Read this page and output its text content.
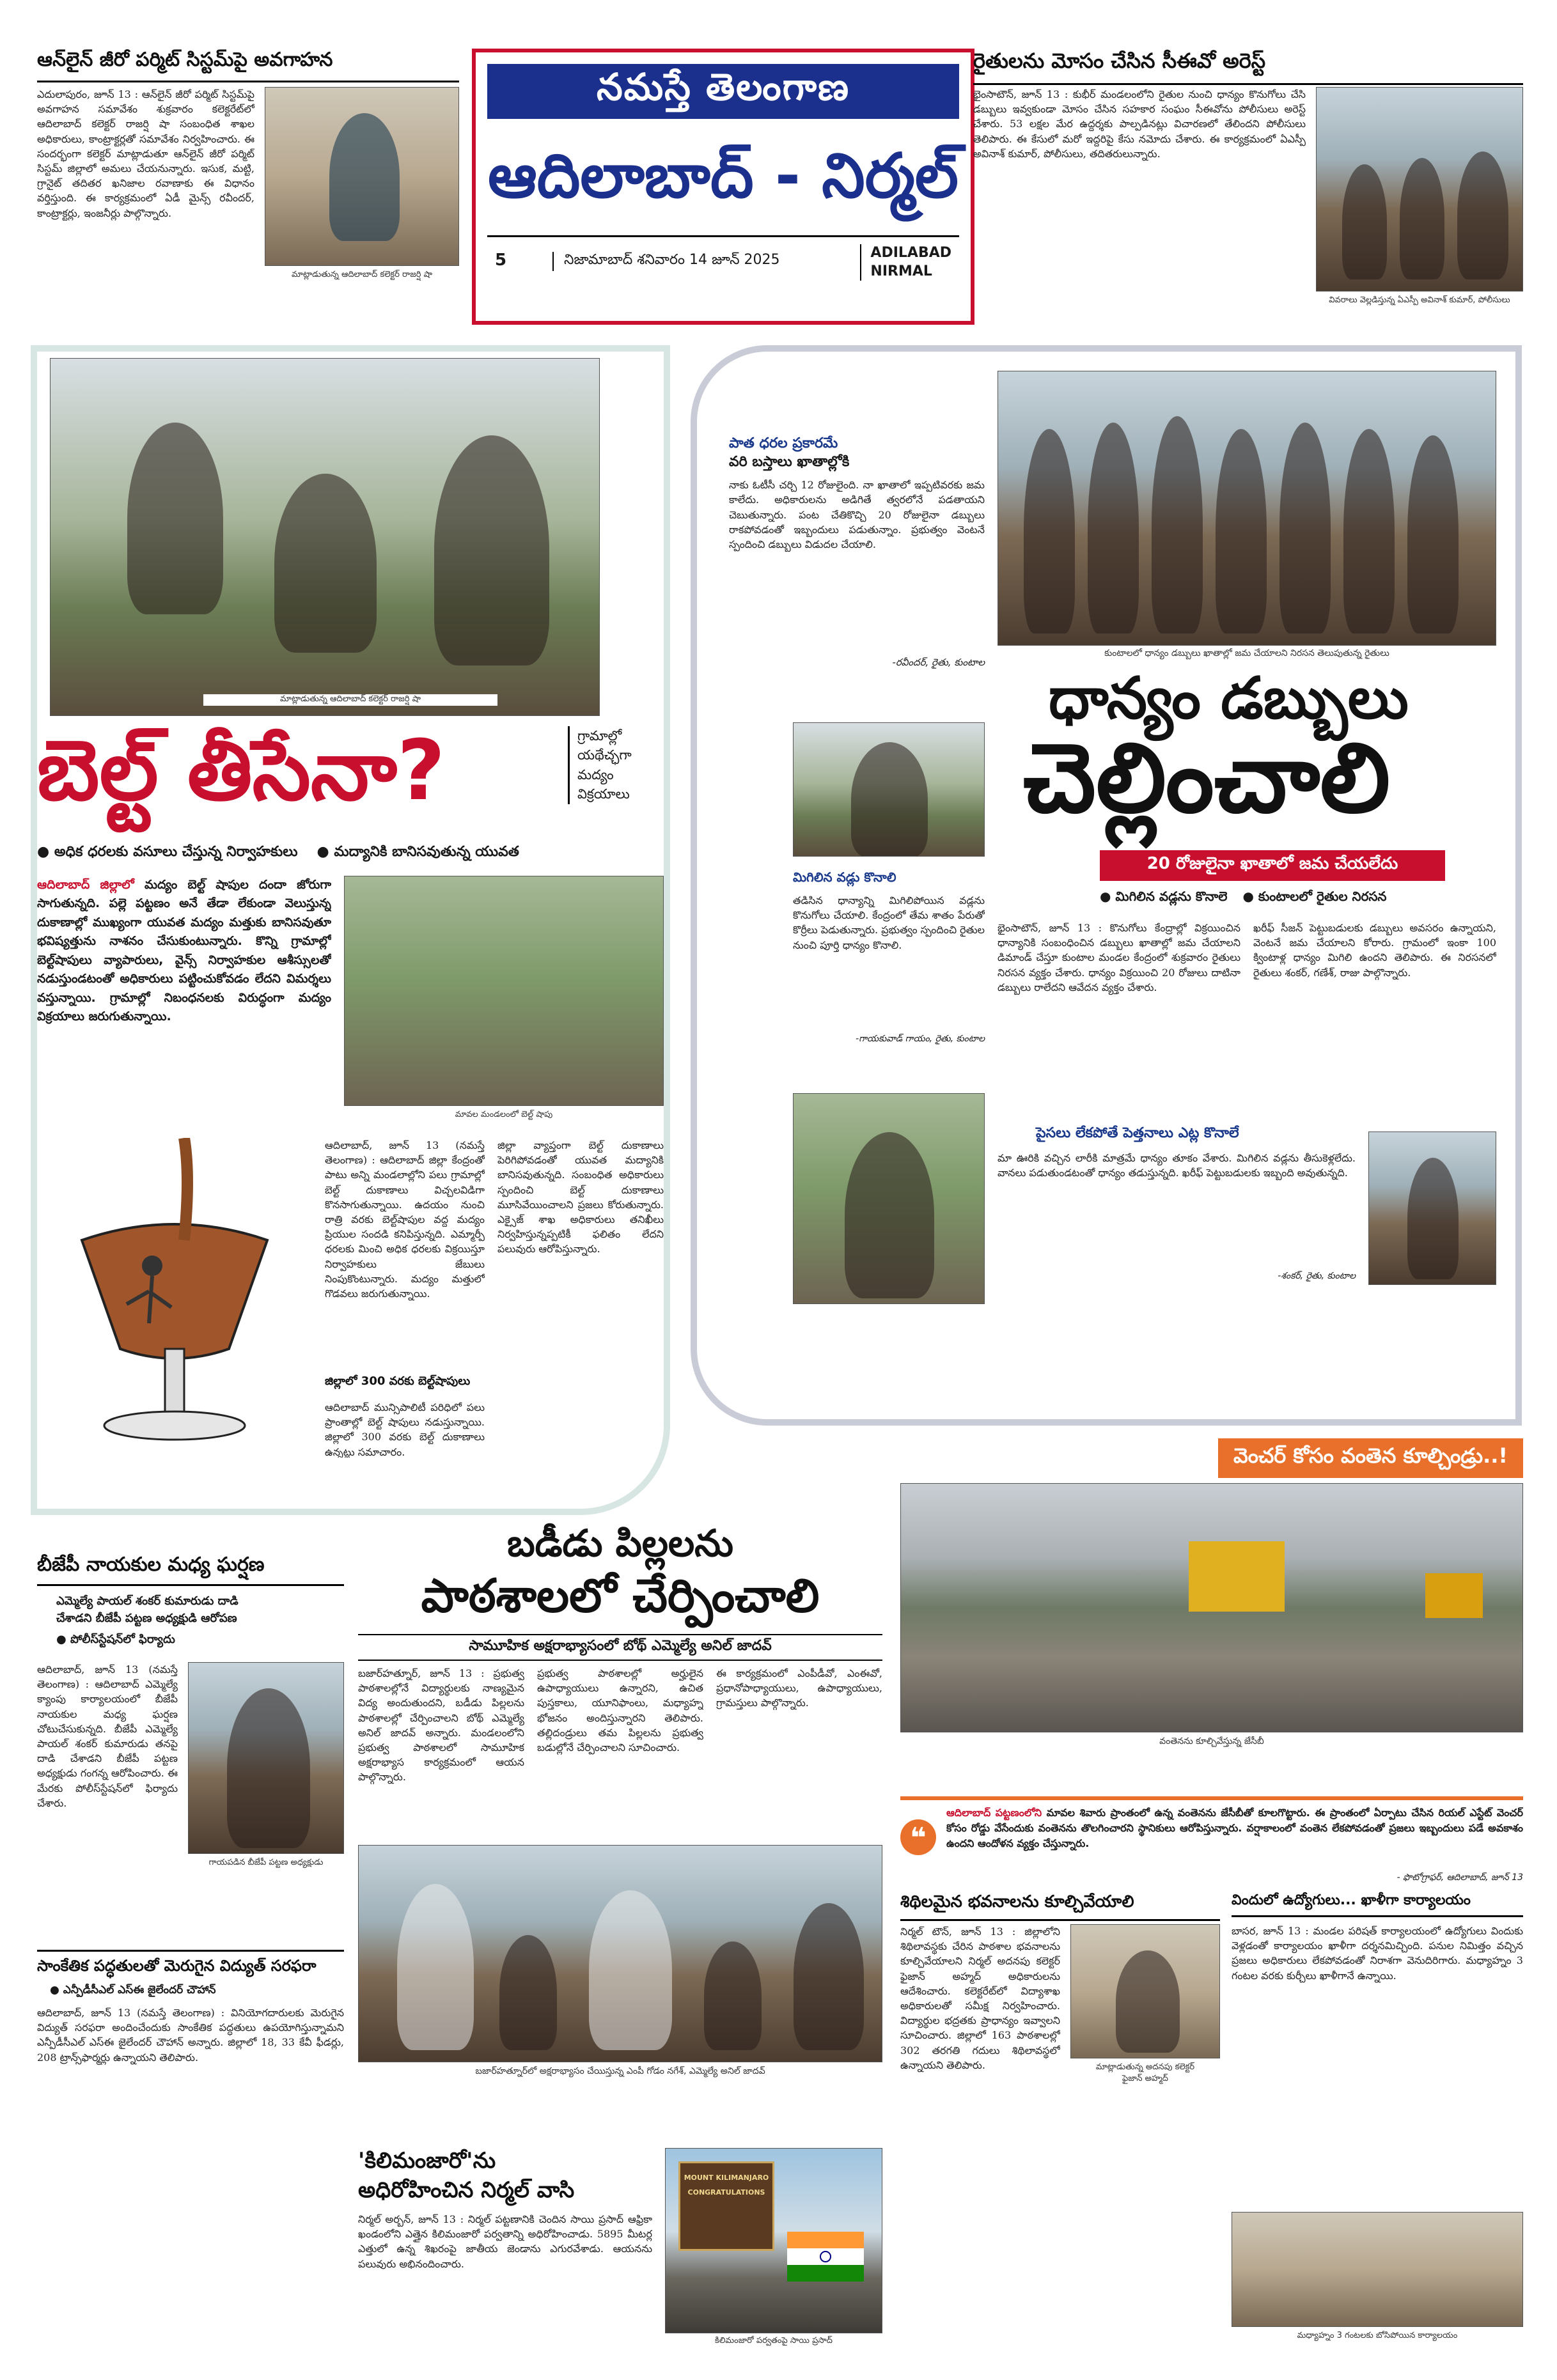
నమస్తే తెలంగాణ
ఆదిలాబాద్ - నిర్మల్
5	నిజామాబాద్ శనివారం 14 జూన్ 2025	ADILABAD
NIRMAL
ఆన్‌లైన్ జీరో పర్మిట్ సిస్టమ్‌పై అవగాహన
ఎదులాపురం, జూన్ 13 : ఆన్‌లైన్ జీరో పర్మిట్ సిస్టమ్‌పై అవగాహన సమావేశం శుక్రవారం కలెక్టరేట్‌లో ఆదిలాబాద్ కలెక్టర్ రాజర్షి షా సంబంధిత శాఖల అధికారులు, కాంట్రాక్టర్లతో సమావేశం నిర్వహించారు. ఈ సందర్భంగా కలెక్టర్ మాట్లాడుతూ ఆన్‌లైన్ జీరో పర్మిట్ సిస్టమ్ జిల్లాలో అమలు చేయనున్నారు. ఇసుక, మట్టి, గ్రానైట్ తదితర ఖనిజాల రవాణాకు ఈ విధానం వర్తిస్తుంది. ఈ కార్యక్రమంలో ఏడీ మైన్స్ రవీందర్, కాంట్రాక్టర్లు, ఇంజనీర్లు పాల్గొన్నారు.
మాట్లాడుతున్న ఆదిలాబాద్ కలెక్టర్ రాజర్షి షా
రైతులను మోసం చేసిన సీఈవో అరెస్ట్
భైంసాటౌన్, జూన్ 13 : కుభీర్ మండలంలోని రైతుల నుంచి ధాన్యం కొనుగోలు చేసి డబ్బులు ఇవ్వకుండా మోసం చేసిన సహకార సంఘం సీఈవోను పోలీసులు అరెస్ట్ చేశారు. 53 లక్షల మేర ఉద్దర్శకు పాల్పడినట్లు విచారణలో తేలిందని పోలీసులు తెలిపారు. ఈ కేసులో మరో ఇద్దరిపై కేసు నమోదు చేశారు. ఈ కార్యక్రమంలో ఏఎస్పీ అవినాశ్ కుమార్, పోలీసులు, తదితరులున్నారు.
వివరాలు వెల్లడిస్తున్న ఏఎస్పీ అవినాశ్ కుమార్, పోలీసులు
మాట్లాడుతున్న ఆదిలాబాద్ కలెక్టర్ రాజర్షి షా
బెల్ట్ తీసేనా?	గ్రామాల్లో యథేచ్ఛగా మద్యం విక్రయాలు
● అధిక ధరలకు వసూలు చేస్తున్న నిర్వాహకులు ● మద్యానికి బానిసవుతున్న యువత
ఆదిలాబాద్ జిల్లాలో మద్యం బెల్ట్ షాపుల దందా జోరుగా సాగుతున్నది. పల్లె పట్టణం అనే తేడా లేకుండా వెలుస్తున్న దుకాణాల్లో ముఖ్యంగా యువత మద్యం మత్తుకు బానిసవుతూ భవిష్యత్తును నాశనం చేసుకుంటున్నారు. కొన్ని గ్రామాల్లో బెల్ట్‌షాపులు వ్యాపారులు, వైన్స్ నిర్వాహకుల ఆశీస్సులతో నడుస్తుండటంతో అధికారులు పట్టించుకోవడం లేదని విమర్శలు వస్తున్నాయి. గ్రామాల్లో నిబంధనలకు విరుద్ధంగా మద్యం విక్రయాలు జరుగుతున్నాయి.
మావల మండలంలో బెల్ట్ షాపు
ఆదిలాబాద్, జూన్ 13 (నమస్తే తెలంగాణ) : ఆదిలాబాద్ జిల్లా కేంద్రంతో పాటు అన్ని మండలాల్లోని పలు గ్రామాల్లో బెల్ట్ దుకాణాలు విచ్చలవిడిగా కొనసాగుతున్నాయి. ఉదయం నుంచి రాత్రి వరకు బెల్ట్‌షాపుల వద్ద మద్యం ప్రియుల సందడి కనిపిస్తున్నది. ఎమ్మార్పీ ధరలకు మించి అధిక ధరలకు విక్రయిస్తూ నిర్వాహకులు జేబులు నింపుకొంటున్నారు. మద్యం మత్తులో గొడవలు జరుగుతున్నాయి.
జిల్లా వ్యాప్తంగా బెల్ట్ దుకాణాలు పెరిగిపోవడంతో యువత మద్యానికి బానిసవుతున్నది. సంబంధిత అధికారులు స్పందించి బెల్ట్ దుకాణాలు మూసివేయించాలని ప్రజలు కోరుతున్నారు. ఎక్సైజ్ శాఖ అధికారులు తనిఖీలు నిర్వహిస్తున్నప్పటికీ ఫలితం లేదని పలువురు ఆరోపిస్తున్నారు.
జిల్లాలో 300 వరకు బెల్ట్‌షాపులు
ఆదిలాబాద్ మున్సిపాలిటీ పరిధిలో పలు ప్రాంతాల్లో బెల్ట్ షాపులు నడుస్తున్నాయి. జిల్లాలో 300 వరకు బెల్ట్ దుకాణాలు ఉన్నట్లు సమాచారం.
పాత ధరల ప్రకారమే
వరి బస్తాలు ఖాతాల్లోకి
నాకు ఓటీసీ చర్చి 12 రోజులైంది. నా ఖాతాలో ఇప్పటివరకు జమ కాలేదు. అధికారులను అడిగితే త్వరలోనే పడతాయని చెబుతున్నారు. పంట చేతికొచ్చి 20 రోజులైనా డబ్బులు రాకపోవడంతో ఇబ్బందులు పడుతున్నాం. ప్రభుత్వం వెంటనే స్పందించి డబ్బులు విడుదల చేయాలి.
-రవీందర్, రైతు, కుంటాల
మిగిలిన వడ్లు కొనాలి
తడిసిన ధాన్యాన్ని మిగిలిపోయిన వడ్లను కొనుగోలు చేయాలి. కేంద్రంలో తేమ శాతం పేరుతో కొర్రీలు పెడుతున్నారు. ప్రభుత్వం స్పందించి రైతుల నుంచి పూర్తి ధాన్యం కొనాలి.
-గాయకువాడ్ గాయం, రైతు, కుంటాల
కుంటాలలో ధాన్యం డబ్బులు ఖాతాల్లో జమ చేయాలని నిరసన తెలుపుతున్న రైతులు
ధాన్యం డబ్బులు
చెల్లించాలి
20 రోజులైనా ఖాతాలో జమ చేయలేదు
● మిగిలిన వడ్లను కొనాలె ● కుంటాలలో రైతుల నిరసన
భైంసాటౌన్, జూన్ 13 : కొనుగోలు కేంద్రాల్లో విక్రయించిన ధాన్యానికి సంబంధించిన డబ్బులు ఖాతాల్లో జమ చేయాలని డిమాండ్ చేస్తూ కుంటాల మండల కేంద్రంలో శుక్రవారం రైతులు నిరసన వ్యక్తం చేశారు. ధాన్యం విక్రయించి 20 రోజులు దాటినా డబ్బులు రాలేదని ఆవేదన వ్యక్తం చేశారు.
ఖరీఫ్ సీజన్ పెట్టుబడులకు డబ్బులు అవసరం ఉన్నాయని, వెంటనే జమ చేయాలని కోరారు. గ్రామంలో ఇంకా 100 క్వింటాళ్ల ధాన్యం మిగిలి ఉందని తెలిపారు. ఈ నిరసనలో రైతులు శంకర్, గణేశ్, రాజు పాల్గొన్నారు.
పైసలు లేకపోతే పెత్తనాలు ఎట్ల కొనాలే
మా ఊరికి వచ్చిన లారీకి మాత్రమే ధాన్యం తూకం వేశారు. మిగిలిన వడ్లను తీసుకెళ్లలేదు. వానలు పడుతుండటంతో ధాన్యం తడుస్తున్నది. ఖరీఫ్ పెట్టుబడులకు ఇబ్బంది అవుతున్నది.
-శంకర్, రైతు, కుంటాల
వెంచర్ కోసం వంతెన కూల్చిండ్రు..!
వంతెనను కూల్చివేస్తున్న జేసీబీ
❝
ఆదిలాబాద్ పట్టణంలోని మావల శివారు ప్రాంతంలో ఉన్న వంతెనను జేసీబీతో కూలగొట్టారు. ఈ ప్రాంతంలో ఏర్పాటు చేసిన రియల్ ఎస్టేట్ వెంచర్ కోసం రోడ్డు వేసేందుకు వంతెనను తొలగించారని స్థానికులు ఆరోపిస్తున్నారు. వర్షాకాలంలో వంతెన లేకపోవడంతో ప్రజలు ఇబ్బందులు పడే అవకాశం ఉందని ఆందోళన వ్యక్తం చేస్తున్నారు.
- ఫొటోగ్రాఫర్, ఆదిలాబాద్, జూన్ 13
బడీడు పిల్లలను
పాఠశాలలో చేర్పించాలి
సామూహిక అక్షరాభ్యాసంలో బోథ్ ఎమ్మెల్యే అనిల్ జాదవ్
బజార్‌హత్నూర్, జూన్ 13 : ప్రభుత్వ పాఠశాలల్లోనే విద్యార్థులకు నాణ్యమైన విద్య అందుతుందని, బడీడు పిల్లలను పాఠశాలల్లో చేర్పించాలని బోథ్ ఎమ్మెల్యే అనిల్ జాదవ్ అన్నారు. మండలంలోని ప్రభుత్వ పాఠశాలలో సామూహిక అక్షరాభ్యాస కార్యక్రమంలో ఆయన పాల్గొన్నారు.
ప్రభుత్వ పాఠశాలల్లో అర్హులైన ఉపాధ్యాయులు ఉన్నారని, ఉచిత పుస్తకాలు, యూనిఫాంలు, మధ్యాహ్న భోజనం అందిస్తున్నారని తెలిపారు. తల్లిదండ్రులు తమ పిల్లలను ప్రభుత్వ బడుల్లోనే చేర్పించాలని సూచించారు.
ఈ కార్యక్రమంలో ఎంపీడీవో, ఎంఈవో, ప్రధానోపాధ్యాయులు, ఉపాధ్యాయులు, గ్రామస్తులు పాల్గొన్నారు.
బజార్‌హత్నూర్‌లో అక్షరాభ్యాసం చేయిస్తున్న ఎంపీ గోడం నగేశ్, ఎమ్మెల్యే అనిల్ జాదవ్
బీజేపీ నాయకుల మధ్య ఘర్షణ
ఎమ్మెల్యే పాయల్ శంకర్ కుమారుడు దాడి
చేశాడని బీజేపీ పట్టణ అధ్యక్షుడి ఆరోపణ
● పోలీస్‌స్టేషన్‌లో ఫిర్యాదు
ఆదిలాబాద్, జూన్ 13 (నమస్తే తెలంగాణ) : ఆదిలాబాద్ ఎమ్మెల్యే క్యాంపు కార్యాలయంలో బీజేపీ నాయకుల మధ్య ఘర్షణ చోటుచేసుకున్నది. బీజేపీ ఎమ్మెల్యే పాయల్ శంకర్ కుమారుడు తనపై దాడి చేశాడని బీజేపీ పట్టణ అధ్యక్షుడు గంగన్న ఆరోపించారు. ఈ మేరకు పోలీస్‌స్టేషన్‌లో ఫిర్యాదు చేశారు.
గాయపడిన బీజేపీ పట్టణ అధ్యక్షుడు
సాంకేతిక పద్ధతులతో మెరుగైన విద్యుత్ సరఫరా
● ఎన్పీడీసీఎల్ ఎస్ఈ జైలేందర్ చౌహాన్
ఆదిలాబాద్, జూన్ 13 (నమస్తే తెలంగాణ) : వినియోగదారులకు మెరుగైన విద్యుత్ సరఫరా అందించేందుకు సాంకేతిక పద్ధతులు ఉపయోగిస్తున్నామని ఎన్పీడీసీఎల్ ఎస్ఈ జైలేందర్ చౌహాన్ అన్నారు. జిల్లాలో 18, 33 కేవీ ఫీడర్లు, 208 ట్రాన్స్‌ఫార్మర్లు ఉన్నాయని తెలిపారు.
'కిలిమంజారో'ను
అధిరోహించిన నిర్మల్ వాసి
నిర్మల్ అర్బన్, జూన్ 13 : నిర్మల్ పట్టణానికి చెందిన సాయి ప్రసాద్ ఆఫ్రికా ఖండంలోని ఎత్తైన కిలిమంజారో పర్వతాన్ని అధిరోహించాడు. 5895 మీటర్ల ఎత్తులో ఉన్న శిఖరంపై జాతీయ జెండాను ఎగురవేశాడు. ఆయనను పలువురు అభినందించారు.
MOUNT KILIMANJARO
CONGRATULATIONS
కిలిమంజారో పర్వతంపై సాయి ప్రసాద్
శిథిలమైన భవనాలను కూల్చివేయాలి
నిర్మల్ టౌన్, జూన్ 13 : జిల్లాలోని శిథిలావస్థకు చేరిన పాఠశాల భవనాలను కూల్చివేయాలని నిర్మల్ అదనపు కలెక్టర్ ఫైజాన్ అహ్మద్ అధికారులను ఆదేశించారు. కలెక్టరేట్‌లో విద్యాశాఖ అధికారులతో సమీక్ష నిర్వహించారు. విద్యార్థుల భద్రతకు ప్రాధాన్యం ఇవ్వాలని సూచించారు. జిల్లాలో 163 పాఠశాలల్లో 302 తరగతి గదులు శిథిలావస్థలో ఉన్నాయని తెలిపారు.	మాట్లాడుతున్న అదనపు కలెక్టర్
ఫైజాన్ అహ్మద్
విందులో ఉద్యోగులు... ఖాళీగా కార్యాలయం
బాసర, జూన్ 13 : మండల పరిషత్ కార్యాలయంలో ఉద్యోగులు విందుకు వెళ్లడంతో కార్యాలయం ఖాళీగా దర్శనమిచ్చింది. పనుల నిమిత్తం వచ్చిన ప్రజలు అధికారులు లేకపోవడంతో నిరాశగా వెనుదిరిగారు. మధ్యాహ్నం 3 గంటల వరకు కుర్చీలు ఖాళీగానే ఉన్నాయి.
మధ్యాహ్నం 3 గంటలకు బోసిపోయిన కార్యాలయం
